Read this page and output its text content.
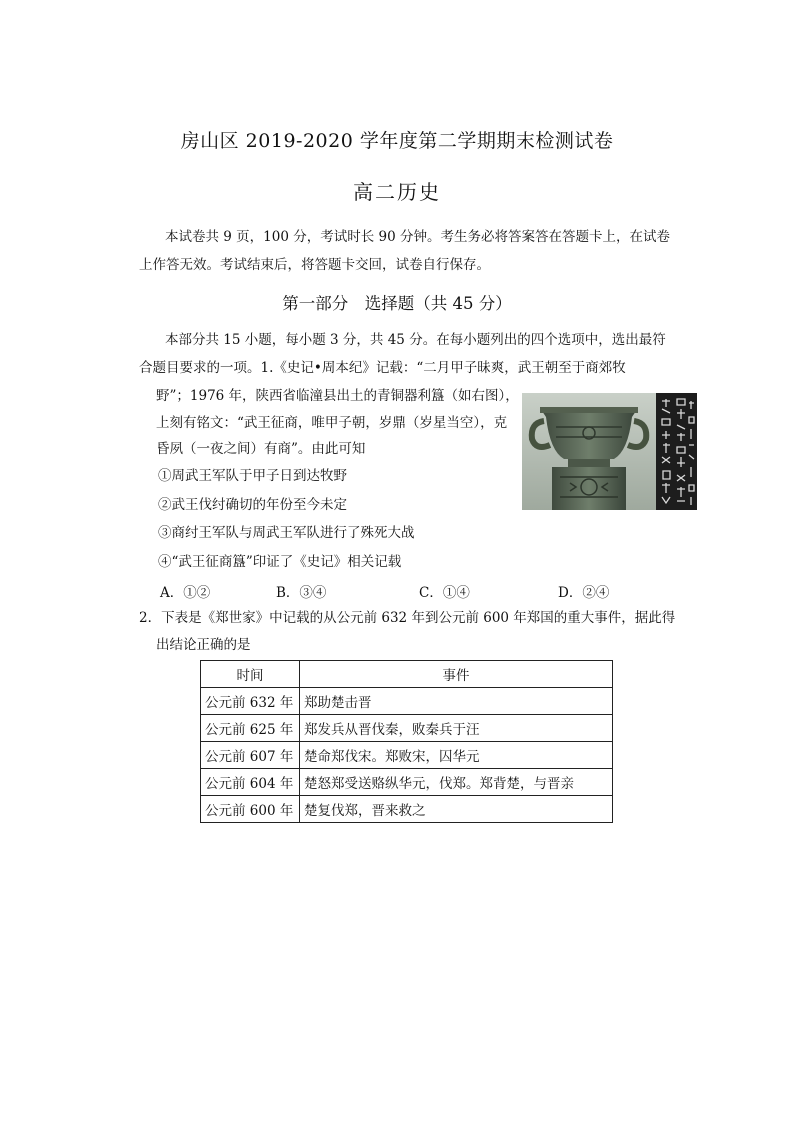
房山区 2019-2020 学年度第二学期期末检测试卷
高二历史
本试卷共 9 页，100 分，考试时长 90 分钟。考生务必将答案答在答题卡上，在试卷
上作答无效。考试结束后，将答题卡交回，试卷自行保存。
第一部分　选择题（共 45 分）
本部分共 15 小题，每小题 3 分，共 45 分。在每小题列出的四个选项中，选出最符
合题目要求的一项。1.《史记•周本纪》记载：“二月甲子昧爽，武王朝至于商郊牧
野”；1976 年，陕西省临潼县出土的青铜器利簋（如右图），
上刻有铭文：“武王征商，唯甲子朝，岁鼎（岁星当空），克
昏夙（一夜之间）有商”。由此可知
①周武王军队于甲子日到达牧野
②武王伐纣确切的年份至今未定
③商纣王军队与周武王军队进行了殊死大战
④“武王征商簋”印证了《史记》相关记载
A．①②	B．③④	C．①④	D．②④
2．下表是《郑世家》中记载的从公元前 632 年到公元前 600 年郑国的重大事件，据此得
出结论正确的是
时间	事件
公元前 632 年	郑助楚击晋
公元前 625 年	郑发兵从晋伐秦，败秦兵于汪
公元前 607 年	楚命郑伐宋。郑败宋，囚华元
公元前 604 年	楚怒郑受送赂纵华元，伐郑。郑背楚，与晋亲
公元前 600 年	楚复伐郑，晋来救之
